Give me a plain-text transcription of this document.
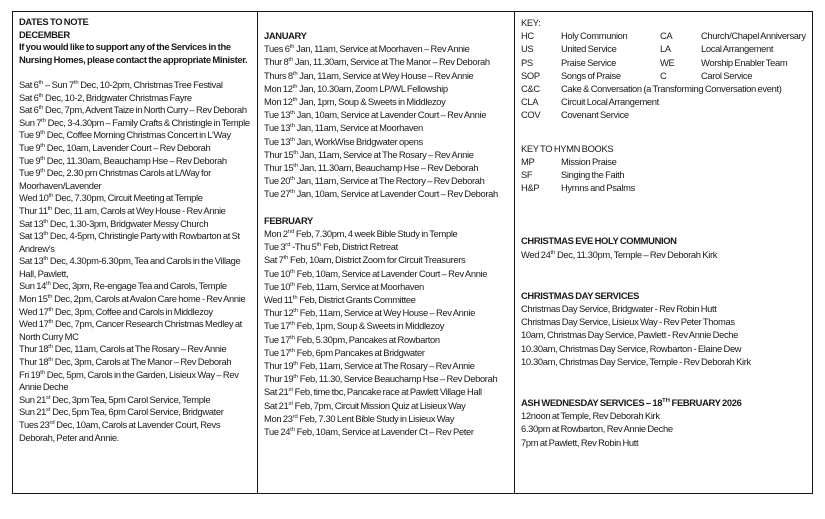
DATES TO NOTE
DECEMBER
If you would like to support any of the Services in the Nursing Homes, please contact the appropriate Minister.
Sat 6th – Sun 7th Dec, 10-2pm, Christmas Tree Festival
Sat 6th Dec, 10-2, Bridgwater Christmas Fayre
Sat 6th Dec, 7pm, Advent Taize in North Curry – Rev Deborah
Sun 7th Dec, 3-4.30pm – Family Crafts & Christingle in Temple
Tue 9th Dec, Coffee Morning Christmas Concert in L’Way
Tue 9th Dec, 10am, Lavender Court – Rev Deborah
Tue 9th Dec, 11.30am, Beauchamp Hse – Rev Deborah
Tue 9th Dec, 2.30 pm Christmas Carols at L/Way for Moorhaven/Lavender
Wed 10th Dec, 7.30pm, Circuit Meeting at Temple
Thur 11th Dec, 11 am, Carols at Wey House - Rev Annie
Sat 13th Dec, 1.30-3pm, Bridgwater Messy Church
Sat 13th Dec, 4-5pm, Christingle Party with Rowbarton at St Andrew’s
Sat 13th Dec, 4.30pm-6.30pm, Tea and Carols in the Village Hall, Pawlett,
Sun 14th Dec, 3pm, Re-engage Tea and Carols, Temple
Mon 15th Dec, 2pm, Carols at Avalon Care home - Rev Annie
Wed 17th Dec, 3pm, Coffee and Carols in Middlezoy
Wed 17th Dec, 7pm, Cancer Research Christmas Medley at North Curry MC
Thur 18th Dec, 11am, Carols at The Rosary – Rev Annie
Thur 18th Dec, 3pm, Carols at The Manor – Rev Deborah
Fri 19th Dec, 5pm, Carols in the Garden, Lisieux Way – Rev Annie Deche
Sun 21st Dec, 3pm Tea, 5pm Carol Service, Temple
Sun 21st Dec, 5pm Tea, 6pm Carol Service, Bridgwater
Tues 23rd Dec, 10am, Carols at Lavender Court, Revs Deborah, Peter and Annie.
JANUARY
Tues 6th Jan, 11am, Service at Moorhaven – Rev Annie
Thur 8th Jan, 11.30am, Service at The Manor – Rev Deborah
Thurs 8th Jan, 11am, Service at Wey House – Rev Annie
Mon 12th Jan, 10.30am, Zoom LP/WL Fellowship
Mon 12th Jan, 1pm, Soup & Sweets in Middlezoy
Tue 13th Jan, 10am, Service at Lavender Court – Rev Annie
Tue 13th Jan, 11am, Service at Moorhaven
Tue 13th Jan, WorkWise Bridgwater opens
Thur 15th Jan, 11am, Service at The Rosary – Rev Annie
Thur 15th Jan, 11.30am, Beauchamp Hse – Rev Deborah
Tue 20th Jan, 11am, Service at The Rectory – Rev Deborah
Tue 27th Jan, 10am, Service at Lavender Court – Rev Deborah
FEBRUARY
Mon 2nd Feb, 7.30pm, 4 week Bible Study in Temple
Tue 3rd -Thu 5th Feb, District Retreat
Sat 7th Feb, 10am, District Zoom for Circuit Treasurers
Tue 10th Feb, 10am, Service at Lavender Court – Rev Annie
Tue 10th Feb, 11am, Service at Moorhaven
Wed 11th Feb, District Grants Committee
Thur 12th Feb, 11am, Service at Wey House – Rev Annie
Tue 17th Feb, 1pm, Soup & Sweets in Middlezoy
Tue 17th Feb, 5.30pm, Pancakes at Rowbarton
Tue 17th Feb, 6pm Pancakes at Bridgwater
Thur 19th Feb, 11am, Service at The Rosary – Rev Annie
Thur 19th Feb, 11.30, Service Beauchamp Hse – Rev Deborah
Sat 21st Feb, time tbc, Pancake race at Pawlett Village Hall
Sat 21st Feb, 7pm, Circuit Mission Quiz at Lisieux Way
Mon 23rd Feb, 7.30 Lent Bible Study in Lisieux Way
Tue 24th Feb, 10am, Service at Lavender Ct – Rev Peter
KEY:
HC	Holy Communion	CA	Church/Chapel Anniversary
US	United Service	LA	Local Arrangement
PS	Praise Service	WE	Worship Enabler Team
SOP	Songs of Praise	C	Carol Service
C&C	Cake & Conversation (a Transforming Conversation event)
CLA	Circuit Local Arrangement
COV	Covenant Service
KEY TO HYMN BOOKS
MP	Mission Praise
SF	Singing the Faith
H&P	Hymns and Psalms
CHRISTMAS EVE HOLY COMMUNION
Wed 24th Dec, 11.30pm, Temple – Rev Deborah Kirk
CHRISTMAS DAY SERVICES
Christmas Day Service, Bridgwater - Rev Robin Hutt
Christmas Day Service, Lisieux Way - Rev Peter Thomas
10am, Christmas Day Service, Pawlett - Rev Annie Deche
10.30am, Christmas Day Service, Rowbarton - Elaine Dew
10.30am, Christmas Day Service, Temple - Rev Deborah Kirk
ASH WEDNESDAY SERVICES – 18TH FEBRUARY 2026
12noon at Temple, Rev Deborah Kirk
6.30pm at Rowbarton, Rev Annie Deche
7pm at Pawlett, Rev Robin Hutt
